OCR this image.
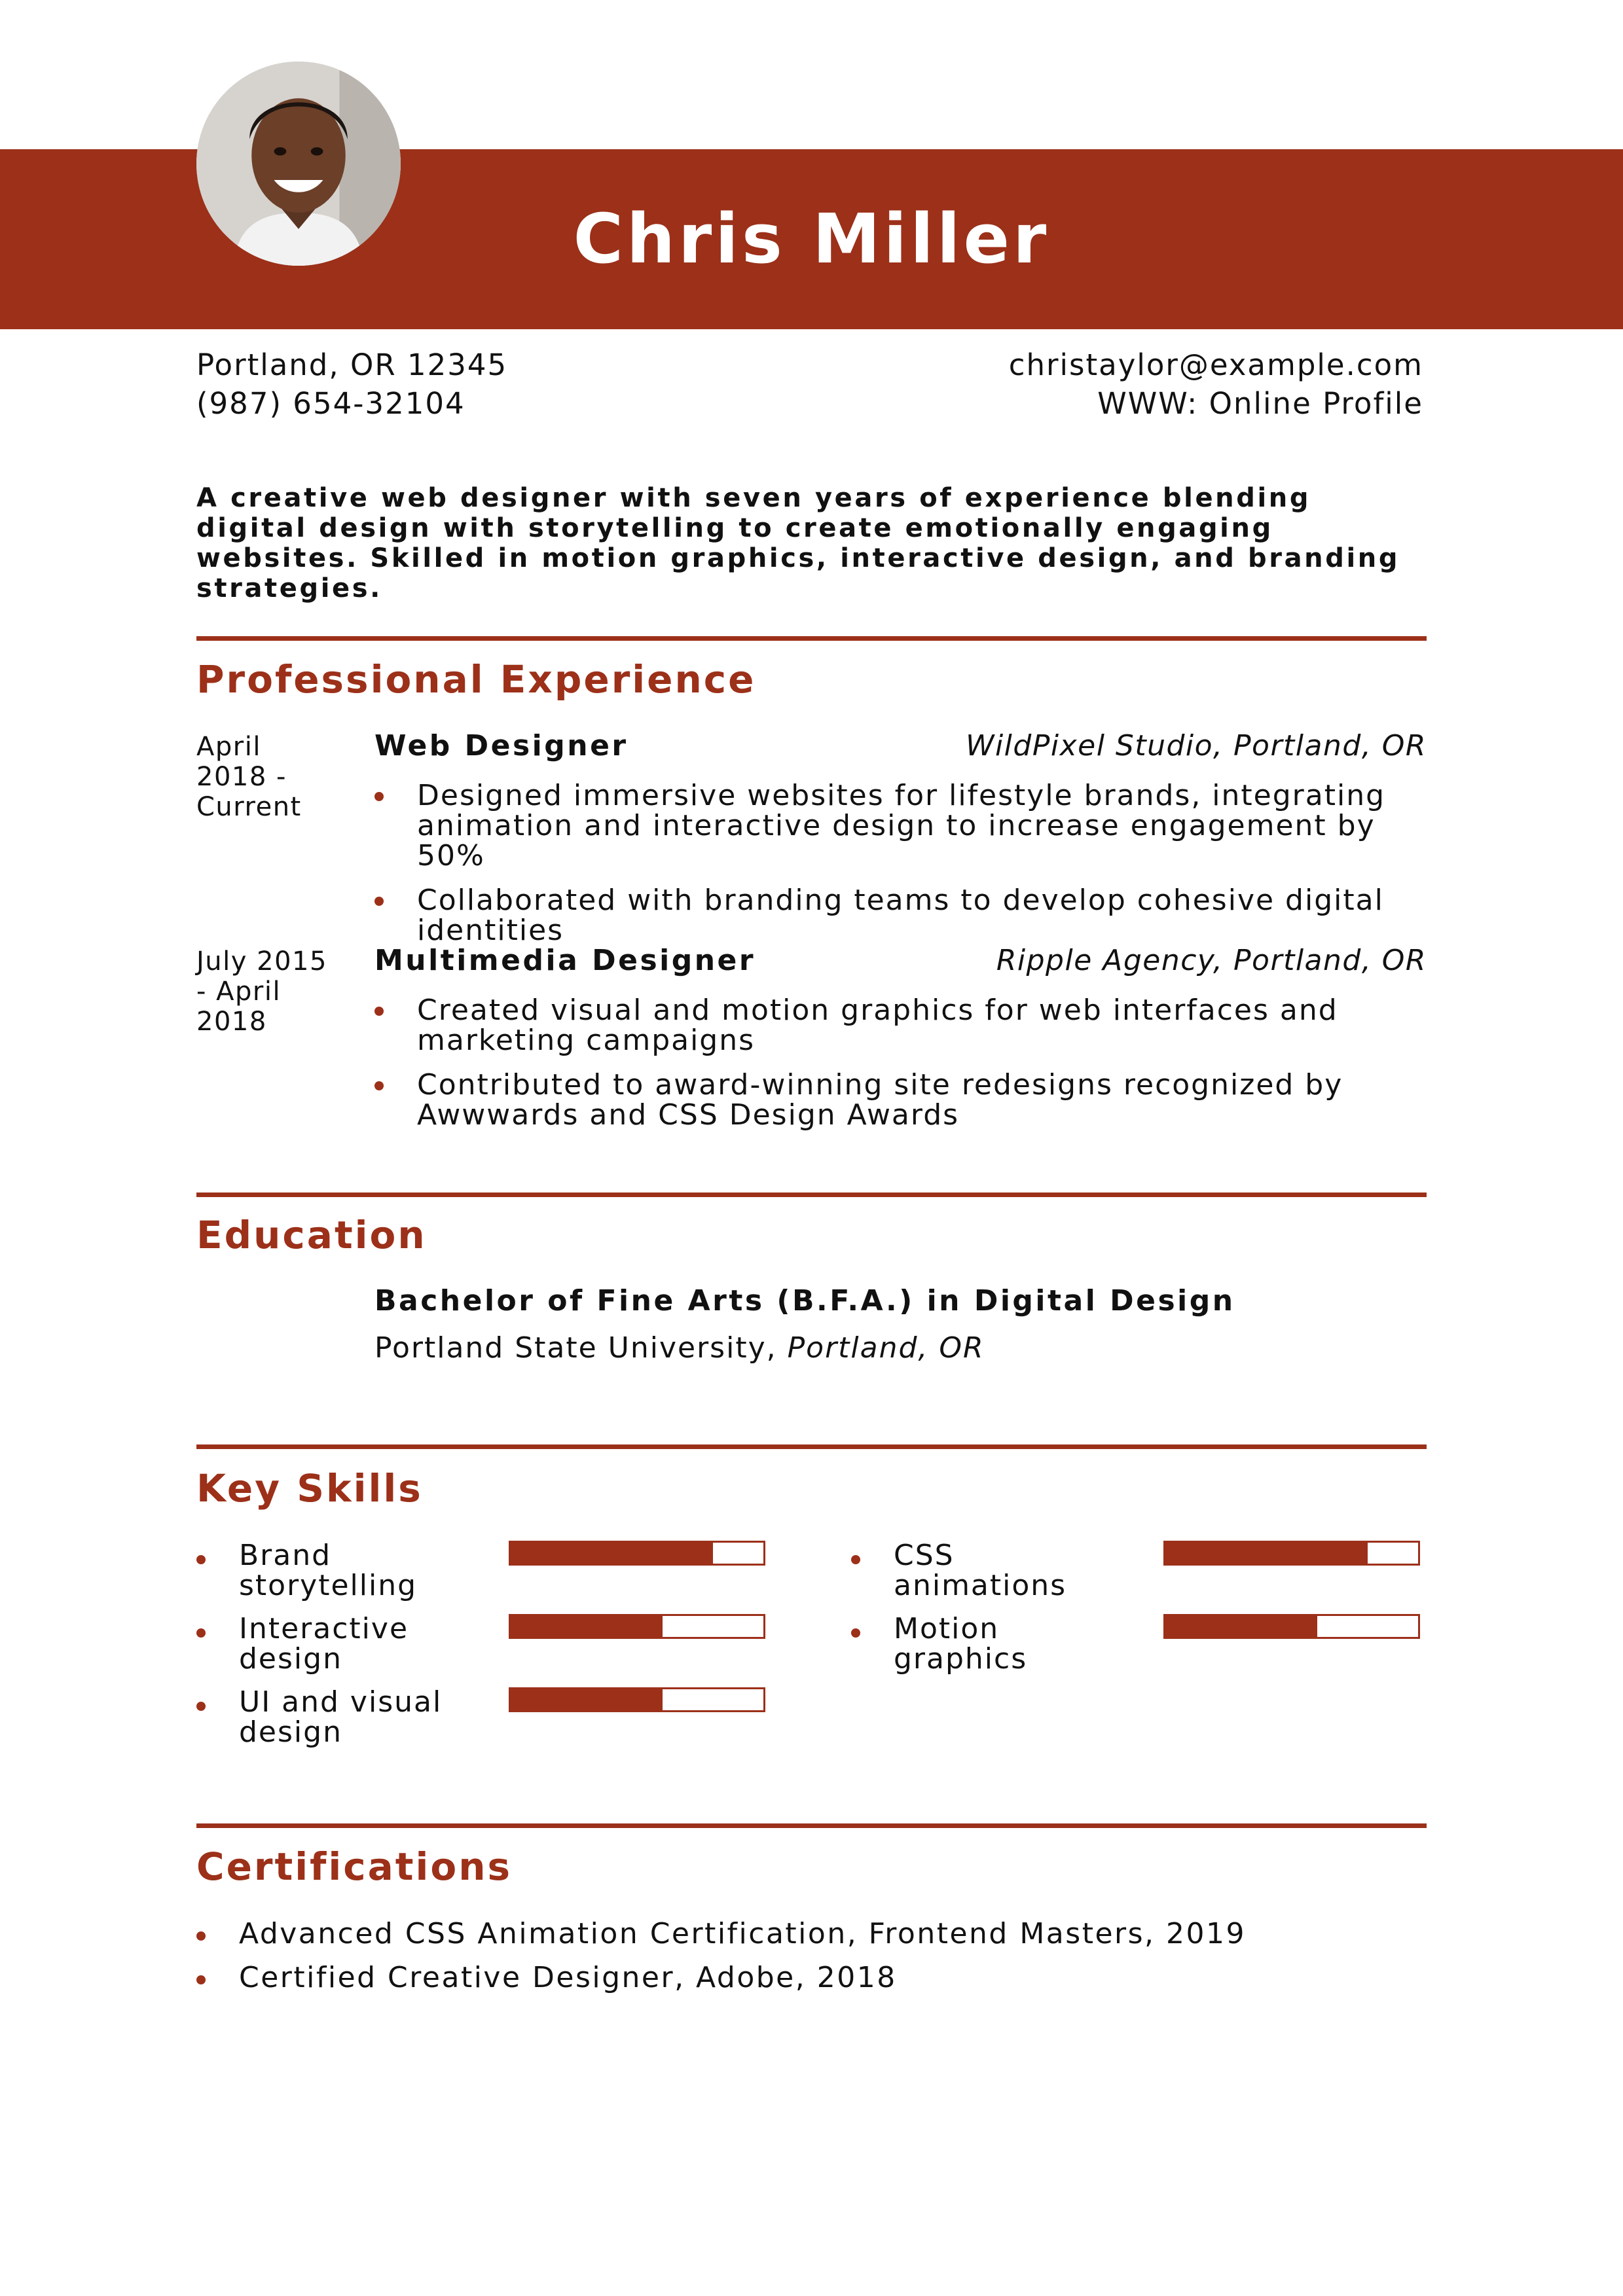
Chris Miller
Portland, OR 12345
(987) 654-32104
christaylor@example.com
WWW: Online Profile
A creative web designer with seven years of experience blending digital design with storytelling to create emotionally engaging websites. Skilled in motion graphics, interactive design, and branding strategies.
Professional Experience
April 2018 - Current
Web Designer	WildPixel Studio, Portland, OR
Designed immersive websites for lifestyle brands, integrating animation and interactive design to increase engagement by 50%
Collaborated with branding teams to develop cohesive digital identities
July 2015 - April 2018
Multimedia Designer	Ripple Agency, Portland, OR
Created visual and motion graphics for web interfaces and marketing campaigns
Contributed to award-winning site redesigns recognized by Awwwards and CSS Design Awards
Education
Bachelor of Fine Arts (B.F.A.) in Digital Design
Portland State University, Portland, OR
Key Skills
Brand storytelling
Interactive design
UI and visual design
CSS animations
Motion graphics
Certifications
Advanced CSS Animation Certification, Frontend Masters, 2019
Certified Creative Designer, Adobe, 2018
